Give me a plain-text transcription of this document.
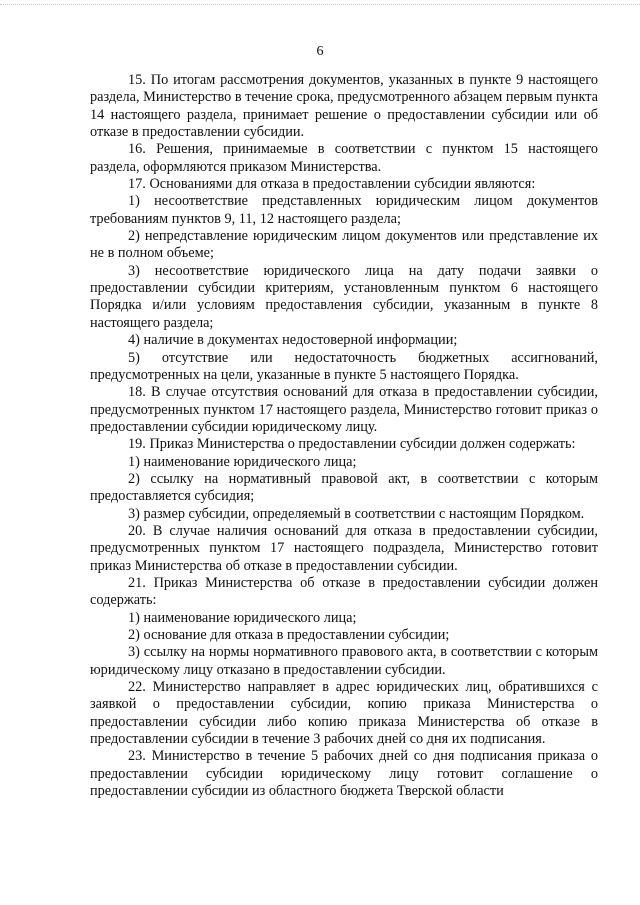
6

15. По итогам рассмотрения документов, указанных в пункте 9 настоящего раздела, Министерство в течение срока, предусмотренного абзацем первым пункта 14 настоящего раздела, принимает решение о предоставлении субсидии или об отказе в предоставлении субсидии.

16. Решения, принимаемые в соответствии с пунктом 15 настоящего раздела, оформляются приказом Министерства.

17. Основаниями для отказа в предоставлении субсидии являются:

1) несоответствие представленных юридическим лицом документов требованиям пунктов 9, 11, 12 настоящего раздела;

2) непредставление юридическим лицом документов или представление их не в полном объеме;

3) несоответствие юридического лица на дату подачи заявки о предоставлении субсидии критериям, установленным пунктом 6 настоящего Порядка и/или условиям предоставления субсидии, указанным в пункте 8 настоящего раздела;

4) наличие в документах недостоверной информации;

5) отсутствие или недостаточность бюджетных ассигнований, предусмотренных на цели, указанные в пункте 5 настоящего Порядка.

18. В случае отсутствия оснований для отказа в предоставлении субсидии, предусмотренных пунктом 17 настоящего раздела, Министерство готовит приказ о предоставлении субсидии юридическому лицу.

19. Приказ Министерства о предоставлении субсидии должен содержать:

1) наименование юридического лица;

2) ссылку на нормативный правовой акт, в соответствии с которым предоставляется субсидия;

3) размер субсидии, определяемый в соответствии с настоящим Порядком.

20. В случае наличия оснований для отказа в предоставлении субсидии, предусмотренных пунктом 17 настоящего подраздела, Министерство готовит приказ Министерства об отказе в предоставлении субсидии.

21. Приказ Министерства об отказе в предоставлении субсидии должен содержать:

1) наименование юридического лица;

2) основание для отказа в предоставлении субсидии;

3) ссылку на нормы нормативного правового акта, в соответствии с которым юридическому лицу отказано в предоставлении субсидии.

22. Министерство направляет в адрес юридических лиц, обратившихся с заявкой о предоставлении субсидии, копию приказа Министерства о предоставлении субсидии либо копию приказа Министерства об отказе в предоставлении субсидии в течение 3 рабочих дней со дня их подписания.

23. Министерство в течение 5 рабочих дней со дня подписания приказа о предоставлении субсидии юридическому лицу готовит соглашение о предоставлении субсидии из областного бюджета Тверской области
